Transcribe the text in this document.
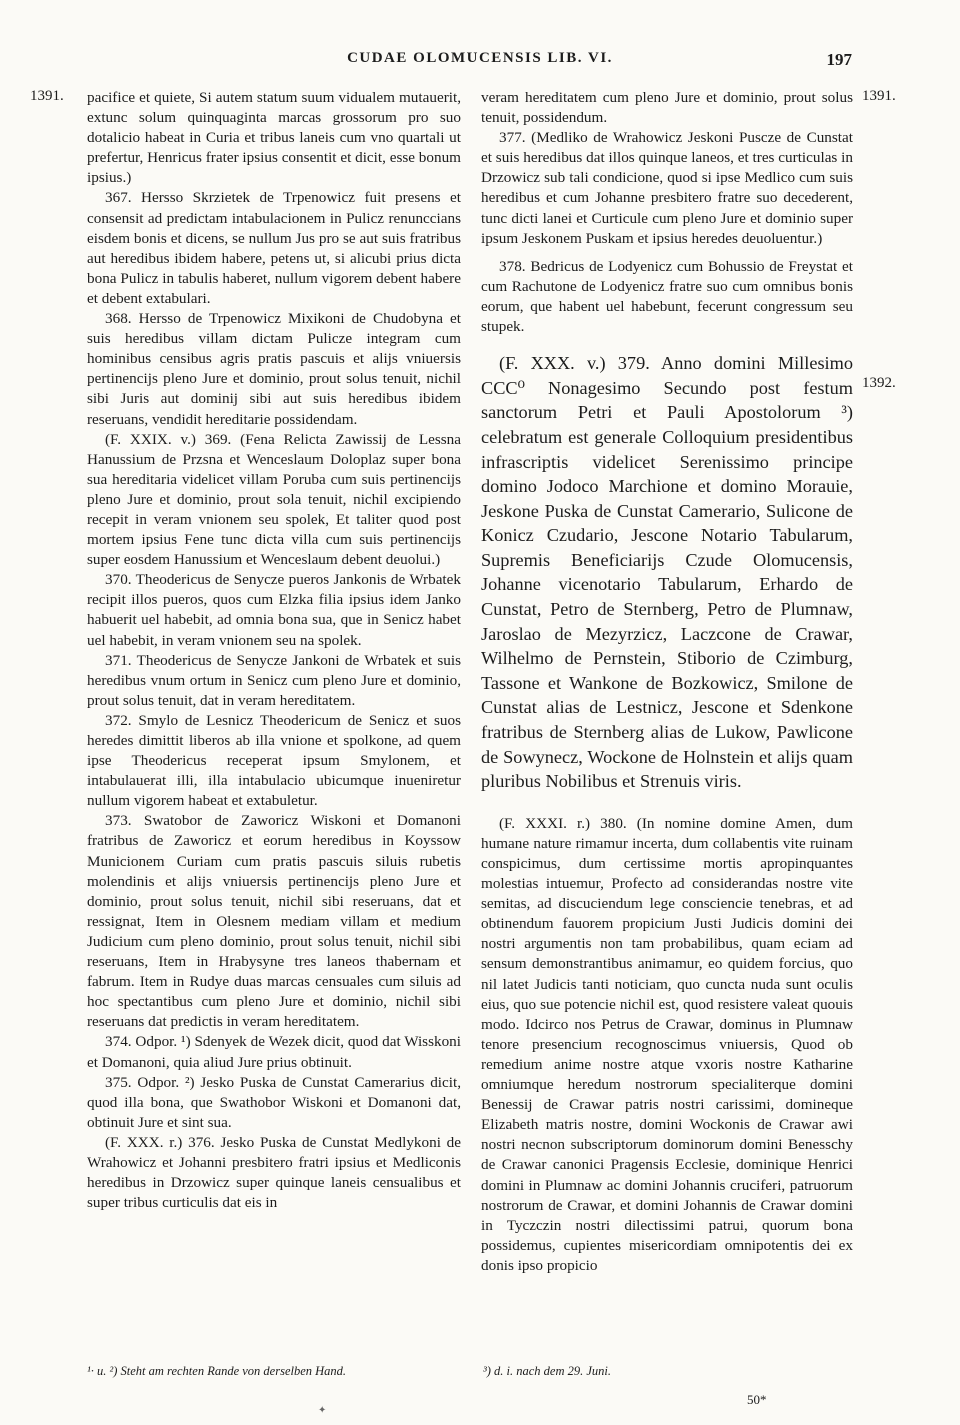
CUDAE OLOMUCENSIS LIB. VI.	197
1391.	1391.
1392.

pacifice et quiete, Si autem statum suum vidualem mutauerit, extunc solum quinquaginta marcas grossorum pro suo dotalicio habeat in Curia et tribus laneis cum vno quartali ut prefertur, Henricus frater ipsius consentit et dicit, esse bonum ipsius.)

367. Hersso Skrzietek de Trpenowicz fuit presens et consensit ad predictam intabulacionem in Pulicz renunccians eisdem bonis et dicens, se nullum Jus pro se aut suis fratribus aut heredibus ibidem habere, petens ut, si alicubi prius dicta bona Pulicz in tabulis haberet, nullum vigorem debent habere et debent extabulari.

368. Hersso de Trpenowicz Mixikoni de Chudobyna et suis heredibus villam dictam Pulicze integram cum hominibus censibus agris pratis pascuis et alijs vniuersis pertinencijs pleno Jure et dominio, prout solus tenuit, nichil sibi Juris aut dominij sibi aut suis heredibus ibidem reseruans, vendidit hereditarie possidendam.

(F. XXIX. v.) 369. (Fena Relicta Zawissij de Lessna Hanussium de Przsna et Wenceslaum Doloplaz super bona sua hereditaria videlicet villam Poruba cum suis pertinencijs pleno Jure et dominio, prout sola tenuit, nichil excipiendo recepit in veram vnionem seu spolek, Et taliter quod post mortem ipsius Fene tunc dicta villa cum suis pertinencijs super eosdem Hanussium et Wenceslaum debent deuolui.)

370. Theodericus de Senycze pueros Jankonis de Wrbatek recipit illos pueros, quos cum Elzka filia ipsius idem Janko habuerit uel habebit, ad omnia bona sua, que in Senicz habet uel habebit, in veram vnionem seu na spolek.

371. Theodericus de Senycze Jankoni de Wrbatek et suis heredibus vnum ortum in Senicz cum pleno Jure et dominio, prout solus tenuit, dat in veram hereditatem.

372. Smylo de Lesnicz Theodericum de Senicz et suos heredes dimittit liberos ab illa vnione et spolkone, ad quem ipse Theodericus receperat ipsum Smylonem, et intabulauerat illi, illa intabulacio ubicumque inueniretur nullum vigorem habeat et extabuletur.

373. Swatobor de Zaworicz Wiskoni et Domanoni fratribus de Zaworicz et eorum heredibus in Koyssow Municionem Curiam cum pratis pascuis siluis rubetis molendinis et alijs vniuersis pertinencijs pleno Jure et dominio, prout solus tenuit, nichil sibi reseruans, dat et ressignat, Item in Olesnem mediam villam et medium Judicium cum pleno dominio, prout solus tenuit, nichil sibi reseruans, Item in Hrabysyne tres laneos thabernam et fabrum. Item in Rudye duas marcas censuales cum siluis ad hoc spectantibus cum pleno Jure et dominio, nichil sibi reseruans dat predictis in veram hereditatem.

374. Odpor. ¹) Sdenyek de Wezek dicit, quod dat Wisskoni et Domanoni, quia aliud Jure prius obtinuit.

375. Odpor. ²) Jesko Puska de Cunstat Camerarius dicit, quod illa bona, que Swathobor Wiskoni et Domanoni dat, obtinuit Jure et sint sua.

(F. XXX. r.) 376. Jesko Puska de Cunstat Medlykoni de Wrahowicz et Johanni presbitero fratri ipsius et Medliconis heredibus in Drzowicz super quinque laneis censualibus et super tribus curticulis dat eis in

veram hereditatem cum pleno Jure et dominio, prout solus tenuit, possidendum.

377. (Medliko de Wrahowicz Jeskoni Puscze de Cunstat et suis heredibus dat illos quinque laneos, et tres curticulas in Drzowicz sub tali condicione, quod si ipse Medlico cum suis heredibus et cum Johanne presbitero fratre suo decederent, tunc dicti lanei et Curticule cum pleno Jure et dominio super ipsum Jeskonem Puskam et ipsius heredes deuoluentur.)

378. Bedricus de Lodyenicz cum Bohussio de Freystat et cum Rachutone de Lodyenicz fratre suo cum omnibus bonis eorum, que habent uel habebunt, fecerunt congressum seu stupek.

(F. XXX. v.) 379. Anno domini Millesimo CCC⁰ Nonagesimo Secundo post festum sanctorum Petri et Pauli Apostolorum ³) celebratum est generale Colloquium presidentibus infrascriptis videlicet Serenissimo principe domino Jodoco Marchione et domino Morauie, Jeskone Puska de Cunstat Camerario, Sulicone de Konicz Czudario, Jescone Notario Tabularum, Supremis Beneficiarijs Czude Olomucensis, Johanne vicenotario Tabularum, Erhardo de Cunstat, Petro de Sternberg, Petro de Plumnaw, Jaroslao de Mezyrzicz, Laczcone de Crawar, Wilhelmo de Pernstein, Stiborio de Czimburg, Tassone et Wankone de Bozkowicz, Smilone de Cunstat alias de Lestnicz, Jescone et Sdenkone fratribus de Sternberg alias de Lukow, Pawlicone de Sowynecz, Wockone de Holnstein et alijs quam pluribus Nobilibus et Strenuis viris.

(F. XXXI. r.) 380. (In nomine domine Amen, dum humane nature rimamur incerta, dum collabentis vite ruinam conspicimus, dum certissime mortis apropinquantes molestias intuemur, Profecto ad considerandas nostre vite semitas, ad discuciendum lege consciencie tenebras, et ad obtinendum fauorem propicium Justi Judicis domini dei nostri argumentis non tam probabilibus, quam eciam ad sensum demonstrantibus animamur, eo quidem forcius, quo nil latet Judicis tanti noticiam, quo cuncta nuda sunt oculis eius, quo sue potencie nichil est, quod resistere valeat quouis modo. Idcirco nos Petrus de Crawar, dominus in Plumnaw tenore presencium recognoscimus vniuersis, Quod ob remedium anime nostre atque vxoris nostre Katharine omniumque heredum nostrorum specialiterque domini Benessij de Crawar patris nostri carissimi, domineque Elizabeth matris nostre, domini Wockonis de Crawar awi nostri necnon subscriptorum dominorum domini Benesschy de Crawar canonici Pragensis Ecclesie, dominique Henrici domini in Plumnaw ac domini Johannis cruciferi, patruorum nostrorum de Crawar, et domini Johannis de Crawar domini in Tyczczin nostri dilectissimi patrui, quorum bona possidemus, cupientes misericordiam omnipotentis dei ex donis ipso propicio

¹· u. ²) Steht am rechten Rande von derselben Hand.	³) d. i. nach dem 29. Juni.
50*
✦
